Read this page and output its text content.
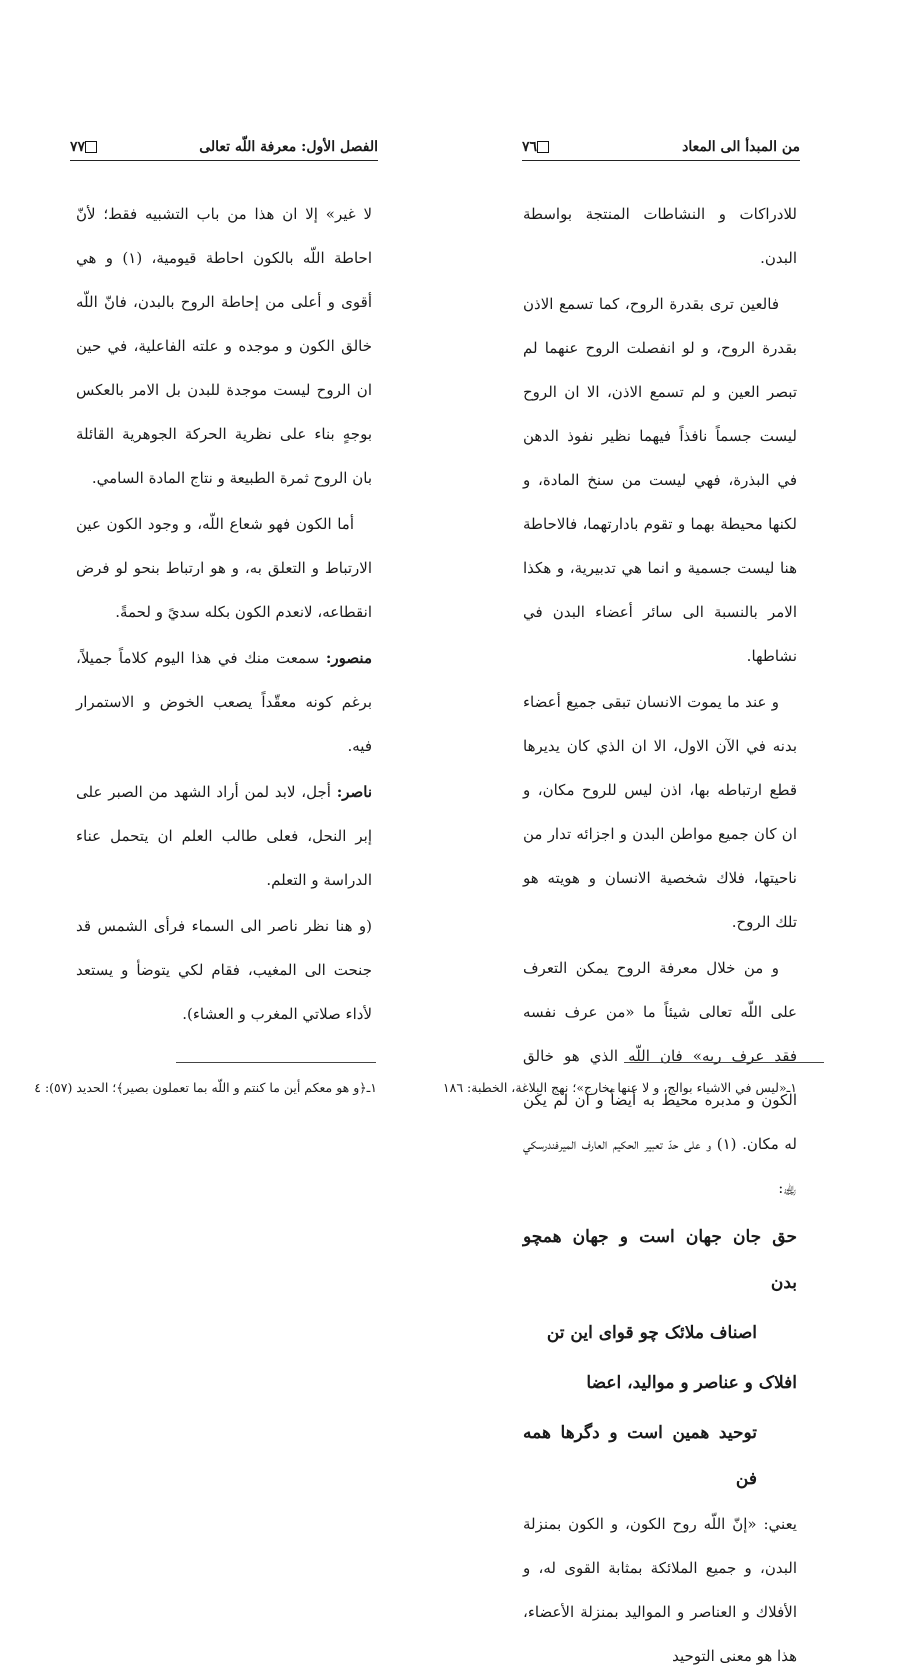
الفصل الأول: معرفة اللّه تعالى
٧٧

لا غير» إلا ان هذا من باب التشبيه فقط؛ لأنّ احاطة اللّه بالكون احاطة قيومية، (١) و هي أقوى و أعلى من إحاطة الروح بالبدن، فانّ اللّه خالق الكون و موجده و علته الفاعلية، في حين ان الروح ليست موجدة للبدن بل الامر بالعكس بوجهٍ بناء على نظرية الحركة الجوهرية القائلة بان الروح ثمرة الطبيعة و نتاج المادة السامي.

أما الكون فهو شعاع اللّه، و وجود الكون عين الارتباط و التعلق به، و هو ارتباط بنحو لو فرض انقطاعه، لانعدم الكون بكله سديً و لحمةً.

منصور: سمعت منك في هذا اليوم كلاماً جميلاً، برغم كونه معقّداً يصعب الخوض و الاستمرار فيه.

ناصر: أجل، لابد لمن أراد الشهد من الصبر على إبر النحل، فعلى طالب العلم ان يتحمل عناء الدراسة و التعلم.

(و هنا نظر ناصر الى السماء فرأى الشمس قد جنحت الى المغيب، فقام لكي يتوضأ و يستعد لأداء صلاتي المغرب و العشاء).

١ـ﴿و هو معكم أين ما كنتم و اللّه بما تعملون بصير﴾؛ الحديد (٥٧): ٤
من المبدأ الى المعاد
٧٦

للادراكات و النشاطات المنتجة بواسطة البدن.

فالعين ترى بقدرة الروح، كما تسمع الاذن بقدرة الروح، و لو انفصلت الروح عنهما لم تبصر العين و لم تسمع الاذن، الا ان الروح ليست جسماً نافذاً فيهما نظير نفوذ الدهن في البذرة، فهي ليست من سنخ المادة، و لكنها محيطة بهما و تقوم بادارتهما، فالاحاطة هنا ليست جسمية و انما هي تدبيرية، و هكذا الامر بالنسبة الى سائر أعضاء البدن في نشاطها.

و عند ما يموت الانسان تبقى جميع أعضاء بدنه في الآن الاول، الا ان الذي كان يديرها قطع ارتباطه بها، اذن ليس للروح مكان، و ان كان جميع مواطن البدن و اجزائه تدار من ناحيتها، فلاك شخصية الانسان و هويته هو تلك الروح.

و من خلال معرفة الروح يمكن التعرف على اللّه تعالى شيئاً ما «من عرف نفسه فقد عرف ربه» فان اللّه الذي هو خالق الكون و مدبره محيط به أيضاً و ان لم يكن له مكان. (١) و على حدّ تعبير الحكيم العارف الميرفندرسكي ﵀:

حق جان جهان است و جهان همچو بدن

اصناف ملائک چو قوای این تن

افلاک و عناصر و موالید، اعضا

توحید همین است و دگرها همه فن

يعني: «إنّ اللّه روح الكون، و الكون بمنزلة البدن، و جميع الملائكة بمثابة القوى له، و الأفلاك و العناصر و المواليد بمنزلة الأعضاء، هذا هو معنى التوحيد

١ـ«ليس في الاشياء بوالج، و لا عنها بخارج»؛ نهج البلاغة، الخطبة: ١٨٦
